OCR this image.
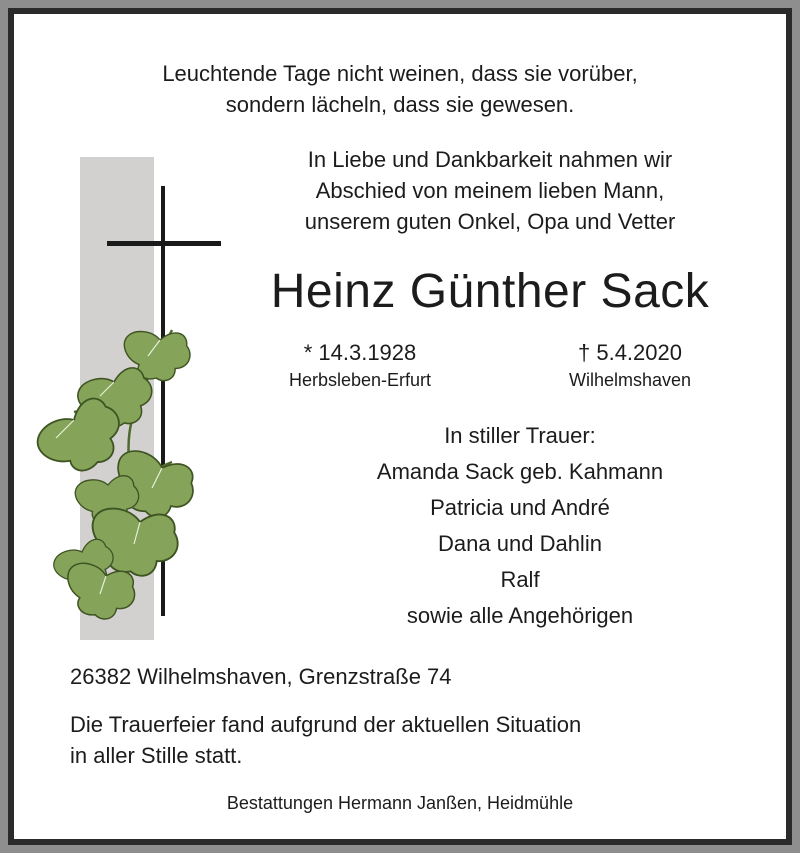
Leuchtende Tage nicht weinen, dass sie vorüber,
sondern lächeln, dass sie gewesen.
In Liebe und Dankbarkeit nahmen wir
Abschied von meinem lieben Mann,
unserem guten Onkel, Opa und Vetter
Heinz Günther Sack
* 14.3.1928
Herbsleben-Erfurt
† 5.4.2020
Wilhelmshaven
In stiller Trauer:
Amanda Sack geb. Kahmann
Patricia und André
Dana und Dahlin
Ralf
sowie alle Angehörigen
26382 Wilhelmshaven, Grenzstraße 74
Die Trauerfeier fand aufgrund der aktuellen Situation
in aller Stille statt.
Bestattungen Hermann Janßen, Heidmühle
